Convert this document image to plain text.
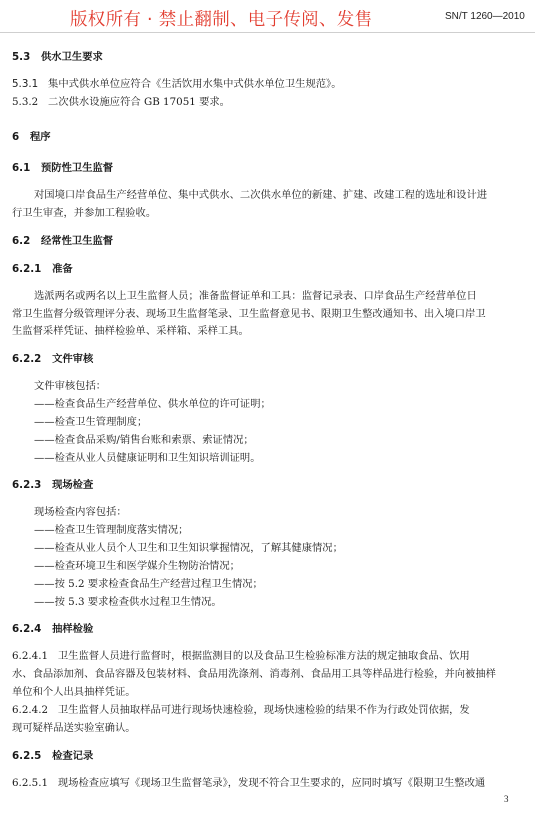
版权所有 · 禁止翻制、电子传阅、发售	SN/T 1260—2010
5.3 供水卫生要求
5.3.1 集中式供水单位应符合《生活饮用水集中式供水单位卫生规范》。
5.3.2 二次供水设施应符合 GB 17051 要求。
6 程序
6.1 预防性卫生监督
对国境口岸食品生产经营单位、集中式供水、二次供水单位的新建、扩建、改建工程的选址和设计进
行卫生审查，并参加工程验收。
6.2 经常性卫生监督
6.2.1 准备
选派两名或两名以上卫生监督人员；准备监督证单和工具：监督记录表、口岸食品生产经营单位日
常卫生监督分级管理评分表、现场卫生监督笔录、卫生监督意见书、限期卫生整改通知书、出入境口岸卫
生监督采样凭证、抽样检验单、采样箱、采样工具。
6.2.2 文件审核
文件审核包括：
——检查食品生产经营单位、供水单位的许可证明；
——检查卫生管理制度；
——检查食品采购/销售台账和索票、索证情况；
——检查从业人员健康证明和卫生知识培训证明。
6.2.3 现场检查
现场检查内容包括：
——检查卫生管理制度落实情况；
——检查从业人员个人卫生和卫生知识掌握情况，了解其健康情况；
——检查环境卫生和医学媒介生物防治情况；
——按 5.2 要求检查食品生产经营过程卫生情况；
——按 5.3 要求检查供水过程卫生情况。
6.2.4 抽样检验
6.2.4.1 卫生监督人员进行监督时，根据监测目的以及食品卫生检验标准方法的规定抽取食品、饮用
水、食品添加剂、食品容器及包装材料、食品用洗涤剂、消毒剂、食品用工具等样品进行检验，并向被抽样
单位和个人出具抽样凭证。
6.2.4.2 卫生监督人员抽取样品可进行现场快速检验，现场快速检验的结果不作为行政处罚依据，发
现可疑样品送实验室确认。
6.2.5 检查记录
6.2.5.1 现场检查应填写《现场卫生监督笔录》，发现不符合卫生要求的，应同时填写《限期卫生整改通
3
